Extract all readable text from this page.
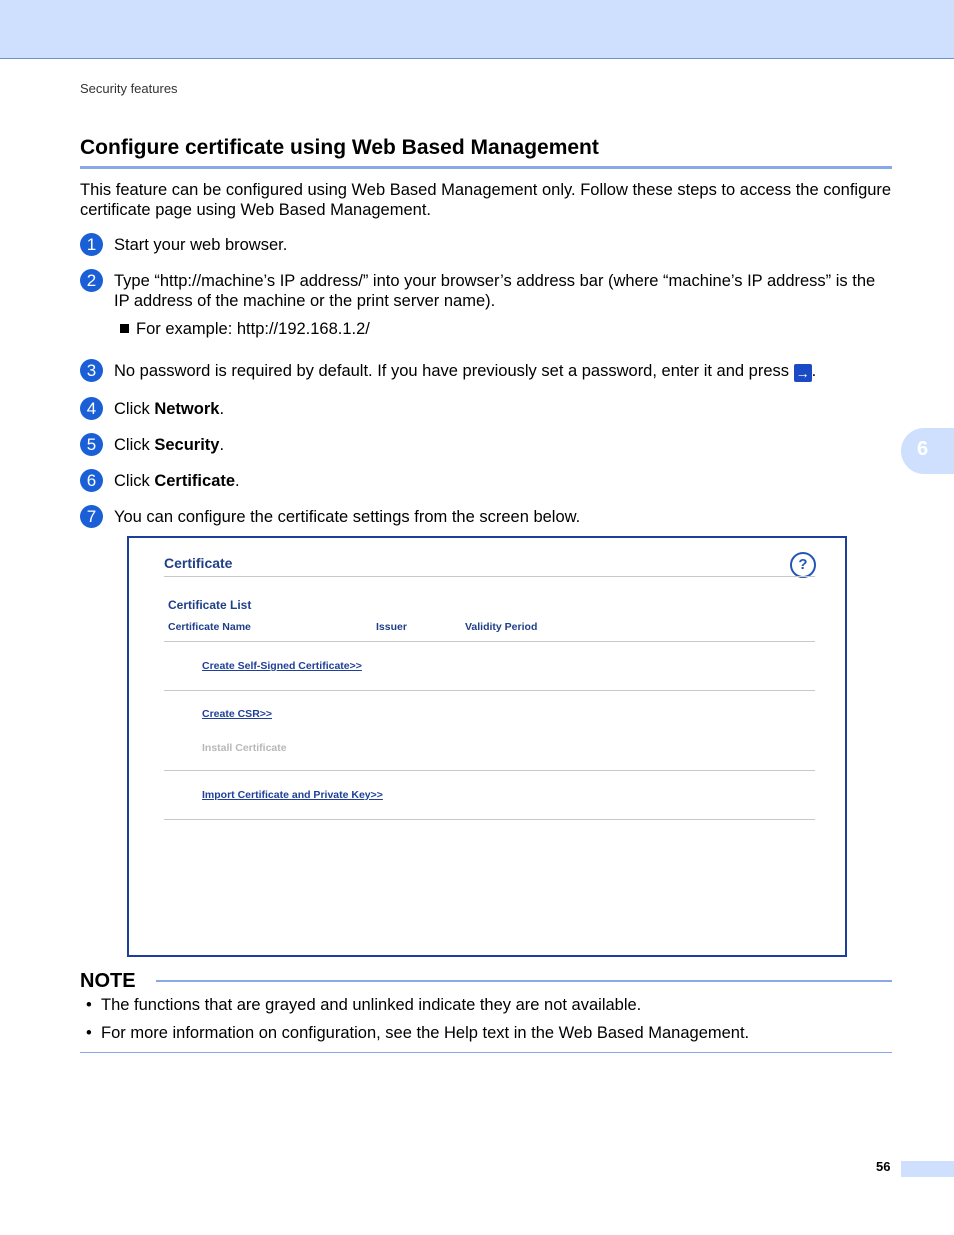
Security features
Configure certificate using Web Based Management
This feature can be configured using Web Based Management only. Follow these steps to access the configure certificate page using Web Based Management.
1	Start your web browser.
2	Type “http://machine’s IP address/” into your browser’s address bar (where “machine’s IP address” is the IP address of the machine or the print server name).
For example: http://192.168.1.2/
3	No password is required by default. If you have previously set a password, enter it and press → .
4	Click Network.
5	Click Security.
6	Click Certificate.
7	You can configure the certificate settings from the screen below.
6
Certificate	?
Certificate List
Certificate Name	Issuer	Validity Period
Create Self-Signed Certificate>>
Create CSR>>
Install Certificate
Import Certificate and Private Key>>
NOTE
• The functions that are grayed and unlinked indicate they are not available.
• For more information on configuration, see the Help text in the Web Based Management.
56
